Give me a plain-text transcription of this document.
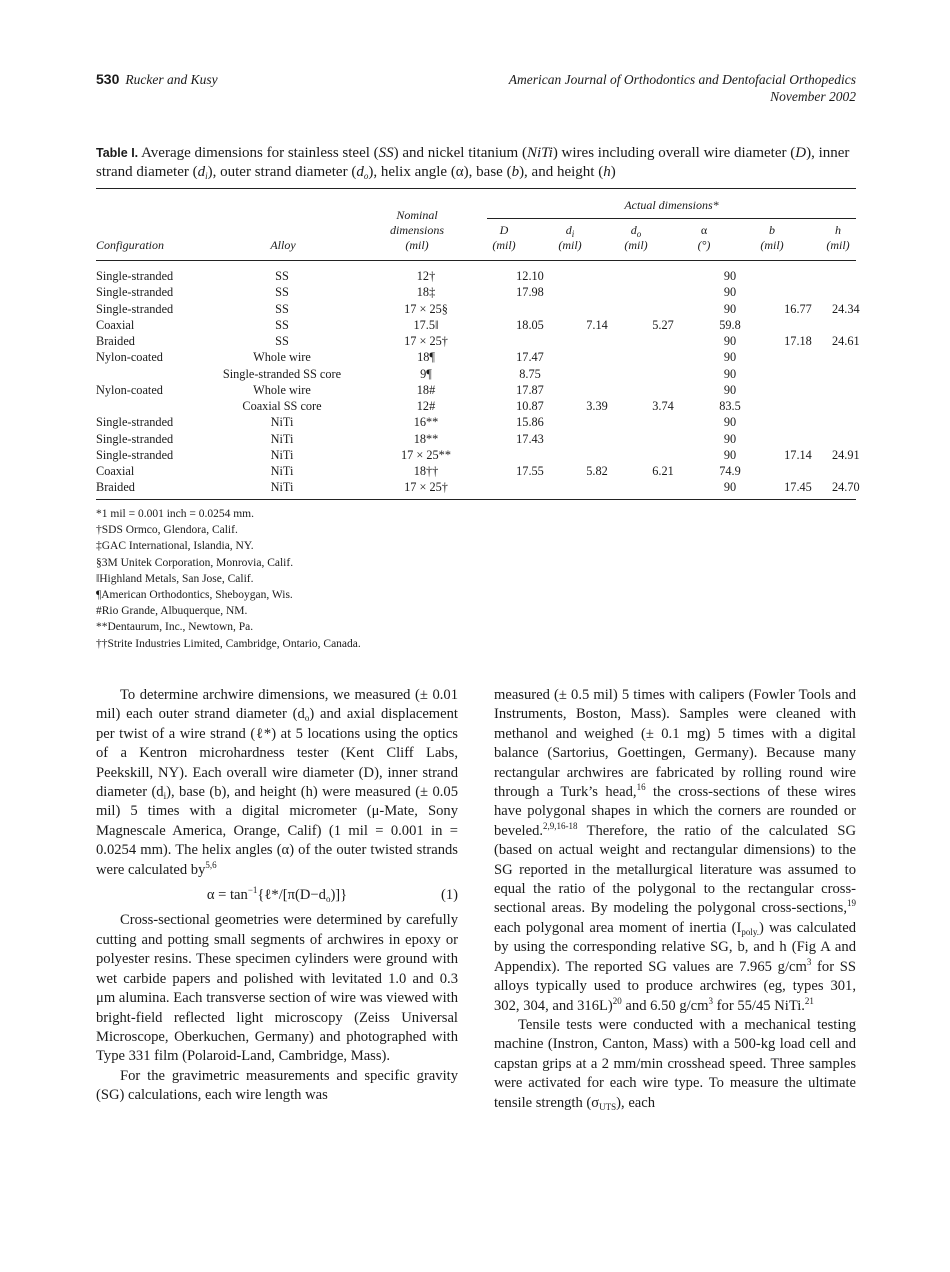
530 Rucker and Kusy	American Journal of Orthodontics and Dentofacial Orthopedics
November 2002
Table I. Average dimensions for stainless steel (SS) and nickel titanium (NiTi) wires including overall wire diameter (D), inner strand diameter $(d_i)$, outer strand diameter $(d_o)$, helix angle (α), base (b), and height (h)
Actual dimensions*
Configuration	Alloy
Nominal
dimensions
(mil)
D
(mil)
$d_i$
(mil)
$d_o$
(mil)
α
(°)
b
(mil)
h
(mil)
Single-stranded	SS	12†	12.10			90		
Single-stranded	SS	18‡	17.98			90		
Single-stranded	SS	17 × 25§				90	16.77	24.34
Coaxial	SS	17.5‖	18.05	7.14	5.27	59.8		
Braided	SS	17 × 25†				90	17.18	24.61
Nylon-coated	Whole wire	18¶	17.47			90		
	Single-stranded SS core	9¶	8.75			90		
Nylon-coated	Whole wire	18#	17.87			90		
	Coaxial SS core	12#	10.87	3.39	3.74	83.5		
Single-stranded	NiTi	16**	15.86			90		
Single-stranded	NiTi	18**	17.43			90		
Single-stranded	NiTi	17 × 25**				90	17.14	24.91
Coaxial	NiTi	18††	17.55	5.82	6.21	74.9		
Braided	NiTi	17 × 25†				90	17.45	24.70
*1 mil = 0.001 inch = 0.0254 mm.
†SDS Ormco, Glendora, Calif.
‡GAC International, Islandia, NY.
§3M Unitek Corporation, Monrovia, Calif.
‖Highland Metals, San Jose, Calif.
¶American Orthodontics, Sheboygan, Wis.
#Rio Grande, Albuquerque, NM.
**Dentaurum, Inc., Newtown, Pa.
††Strite Industries Limited, Cambridge, Ontario, Canada.

To determine archwire dimensions, we measured (± 0.01 mil) each outer strand diameter $(d_o)$ and axial displacement per twist of a wire strand (ℓ*) at 5 locations using the optics of a Kentron microhardness tester (Kent Cliff Labs, Peekskill, NY). Each overall wire diameter (D), inner strand diameter $(d_i)$, base (b), and height (h) were measured (± 0.05 mil) 5 times with a digital micrometer (μ-Mate, Sony Magnescale America, Orange, Calif) (1 mil = 0.001 in = 0.0254 mm). The helix angles (α) of the outer twisted strands were calculated by$^{5,6}$

$\alpha = \tan^{-1}\{\ell*/[\pi(D-d_o)]\}$	(1)

Cross-sectional geometries were determined by carefully cutting and potting small segments of archwires in epoxy or polyester resins. These specimen cylinders were ground with wet carbide papers and polished with levitated 1.0 and 0.3 μm alumina. Each transverse section of wire was viewed with bright-field reflected light microscopy (Zeiss Universal Microscope, Oberkuchen, Germany) and photographed with Type 331 film (Polaroid-Land, Cambridge, Mass).

For the gravimetric measurements and specific gravity (SG) calculations, each wire length was

measured (± 0.5 mil) 5 times with calipers (Fowler Tools and Instruments, Boston, Mass). Samples were cleaned with methanol and weighed (± 0.1 mg) 5 times with a digital balance (Sartorius, Goettingen, Germany). Because many rectangular archwires are fabricated by rolling round wire through a Turk’s head,$^{16}$ the cross-sections of these wires have polygonal shapes in which the corners are rounded or beveled.$^{2,9,16-18}$ Therefore, the ratio of the calculated SG (based on actual weight and rectangular dimensions) to the SG reported in the metallurgical literature was assumed to equal the ratio of the polygonal to the rectangular cross-sectional areas. By modeling the polygonal cross-sections,$^{19}$ each polygonal area moment of inertia $(I_{poly.})$ was calculated by using the corresponding relative SG, b, and h (Fig A and Appendix). The reported SG values are 7.965 $g/cm^3$ for SS alloys typically used to produce archwires (eg, types 301, 302, 304, and 316L)$^{20}$ and 6.50 $g/cm^3$ for 55/45 NiTi.$^{21}$

Tensile tests were conducted with a mechanical testing machine (Instron, Canton, Mass) with a 500-kg load cell and capstan grips at a 2 mm/min crosshead speed. Three samples were activated for each wire type. To measure the ultimate tensile strength $(\sigma_{UTS})$, each
